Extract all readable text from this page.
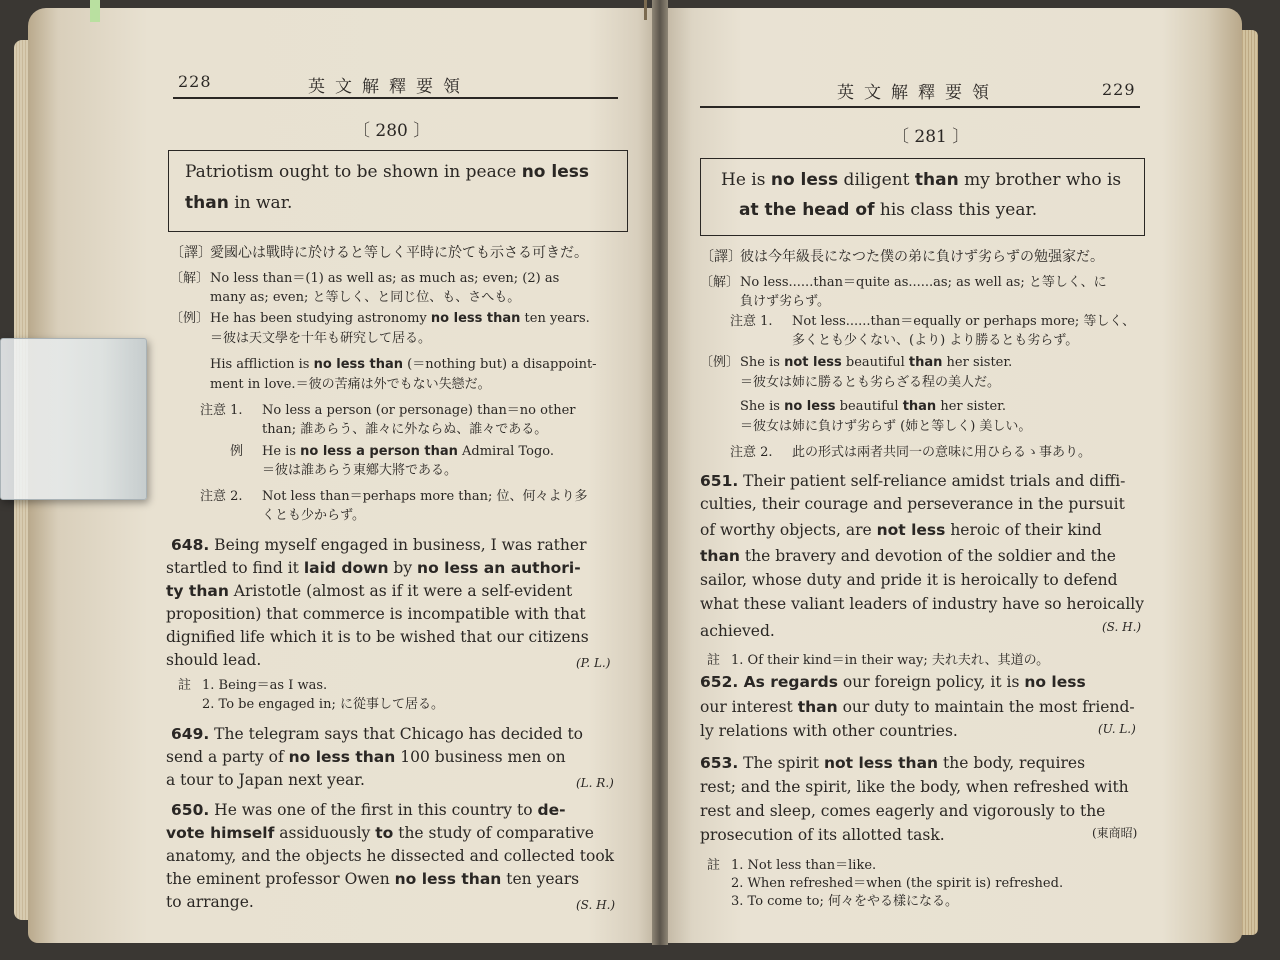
228	英文解釋要領
〔 280 〕
Patriotism ought to be shown in peace no less
than in war.
〔譯〕愛國心は戰時に於けると等しく平時に於ても示さる可きだ。
〔解〕No less than＝(1) as well as; as much as; even; (2) as
many as; even; と等しく、と同じ位、も、さへも。
〔例〕He has been studying astronomy no less than ten years.
＝彼は天文學を十年も硏究して居る。
His affliction is no less than (＝nothing but) a disappoint-
ment in love.＝彼の苦痛は外でもない失戀だ。
注意 1. No less a person (or personage) than＝no other
than; 誰あらう、誰々に外ならぬ、誰々である。
例 He is no less a person than Admiral Togo.
＝彼は誰あらう東鄕大將である。
注意 2. Not less than＝perhaps more than; 位、何々より多
くとも少からず。
648. Being myself engaged in business, I was rather
startled to find it laid down by no less an authori-
ty than Aristotle (almost as if it were a self-evident
proposition) that commerce is incompatible with that
dignified life which it is to be wished that our citizens
should lead.	(P. L.)
註 1. Being＝as I was.
2. To be engaged in; に從事して居る。
649. The telegram says that Chicago has decided to
send a party of no less than 100 business men on
a tour to Japan next year.	(L. R.)
650. He was one of the first in this country to de-
vote himself assiduously to the study of comparative
anatomy, and the objects he dissected and collected took
the eminent professor Owen no less than ten years
to arrange.	(S. H.)
英文解釋要領	229
〔 281 〕
He is no less diligent than my brother who is
at the head of his class this year.
〔譯〕彼は今年級長になつた僕の弟に負けず劣らずの勉强家だ。
〔解〕No less......than＝quite as......as; as well as; と等しく、に
負けず劣らず。
注意 1. Not less......than＝equally or perhaps more; 等しく、
多くとも少くない、(より) より勝るとも劣らず。
〔例〕She is not less beautiful than her sister.
＝彼女は姉に勝るとも劣らざる程の美人だ。
She is no less beautiful than her sister.
＝彼女は姉に負けず劣らず (姉と等しく) 美しい。
注意 2. 此の形式は兩者共同一の意味に用ひらるゝ事あり。
651. Their patient self-reliance amidst trials and diffi-
culties, their courage and perseverance in the pursuit
of worthy objects, are not less heroic of their kind
than the bravery and devotion of the soldier and the
sailor, whose duty and pride it is heroically to defend
what these valiant leaders of industry have so heroically
achieved.	(S. H.)
註 1. Of their kind＝in their way; 夫れ夫れ、其道の。
652. As regards our foreign policy, it is no less
our interest than our duty to maintain the most friend-
ly relations with other countries.	(U. L.)
653. The spirit not less than the body, requires
rest; and the spirit, like the body, when refreshed with
rest and sleep, comes eagerly and vigorously to the
prosecution of its allotted task.	(東商昭)
註 1. Not less than＝like.
2. When refreshed＝when (the spirit is) refreshed.
3. To come to; 何々をやる樣になる。
